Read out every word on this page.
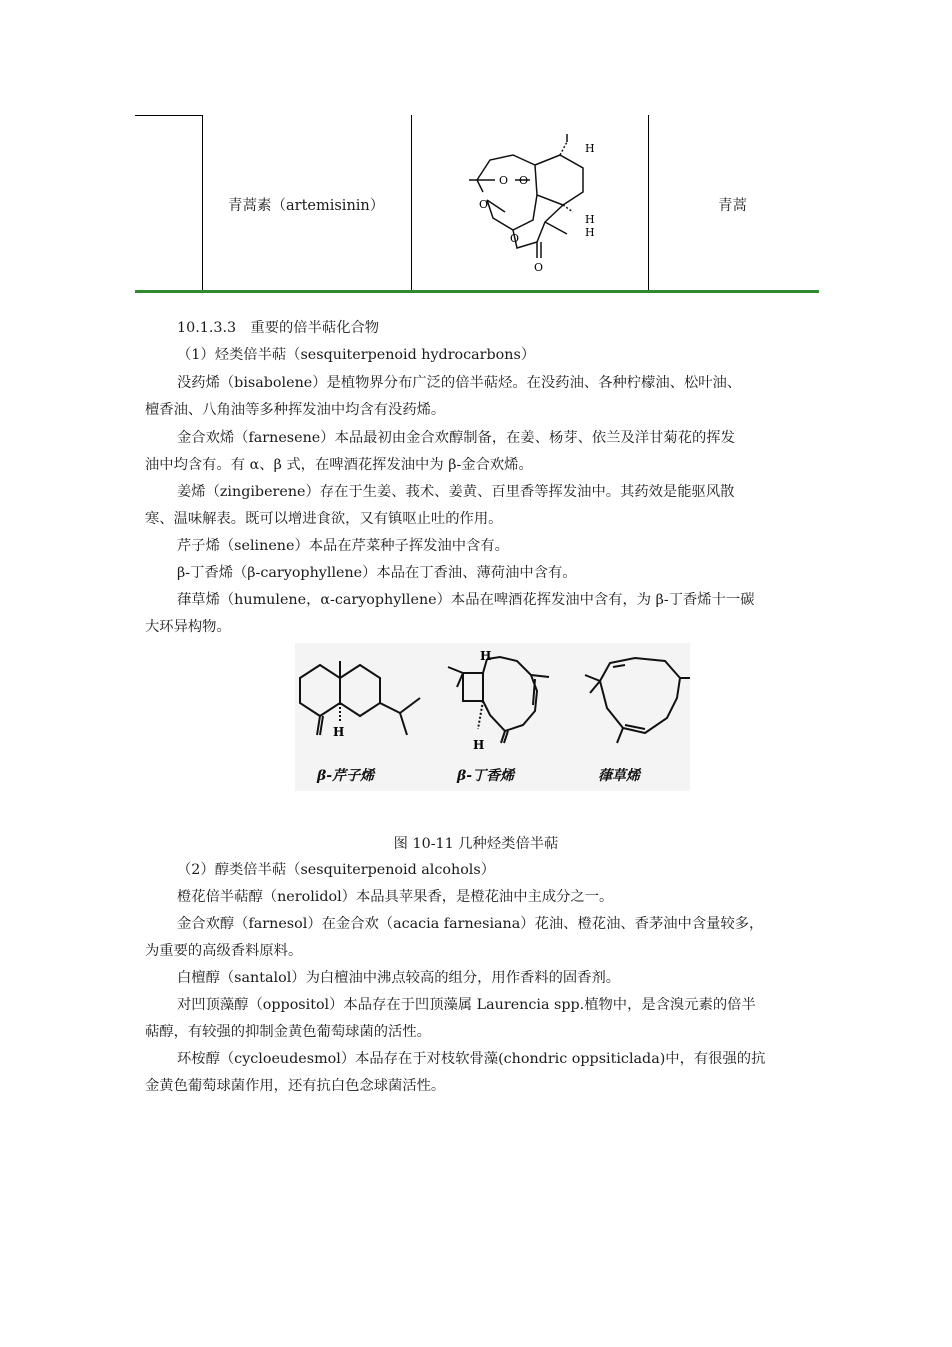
青蒿素（artemisinin）	青蒿
O O
O
O
O
H
H
H
10.1.3.3　重要的倍半萜化合物
（1）烃类倍半萜（sesquiterpenoid hydrocarbons）
没药烯（bisabolene）是植物界分布广泛的倍半萜烃。在没药油、各种柠檬油、松叶油、
檀香油、八角油等多种挥发油中均含有没药烯。
金合欢烯（farnesene）本品最初由金合欢醇制备，在姜、杨芽、依兰及洋甘菊花的挥发
油中均含有。有 α、β 式，在啤酒花挥发油中为 β-金合欢烯。
姜烯（zingiberene）存在于生姜、莪术、姜黄、百里香等挥发油中。其药效是能驱风散
寒、温味解表。既可以增进食欲，又有镇呕止吐的作用。
芹子烯（selinene）本品在芹菜种子挥发油中含有。
β-丁香烯（β-caryophyllene）本品在丁香油、薄荷油中含有。
葎草烯（humulene，α-caryophyllene）本品在啤酒花挥发油中含有，为 β-丁香烯十一碳
大环异构物。
H
H
H
β-芹子烯	β-丁香烯	葎草烯
图 10-11 几种烃类倍半萜
（2）醇类倍半萜（sesquiterpenoid alcohols）
橙花倍半萜醇（nerolidol）本品具苹果香，是橙花油中主成分之一。
金合欢醇（farnesol）在金合欢（acacia farnesiana）花油、橙花油、香茅油中含量较多，
为重要的高级香料原料。
白檀醇（santalol）为白檀油中沸点较高的组分，用作香料的固香剂。
对凹顶藻醇（oppositol）本品存在于凹顶藻属 Laurencia spp.植物中，是含溴元素的倍半
萜醇，有较强的抑制金黄色葡萄球菌的活性。
环桉醇（cycloeudesmol）本品存在于对枝软骨藻(chondric oppsiticlada)中，有很强的抗
金黄色葡萄球菌作用，还有抗白色念球菌活性。
